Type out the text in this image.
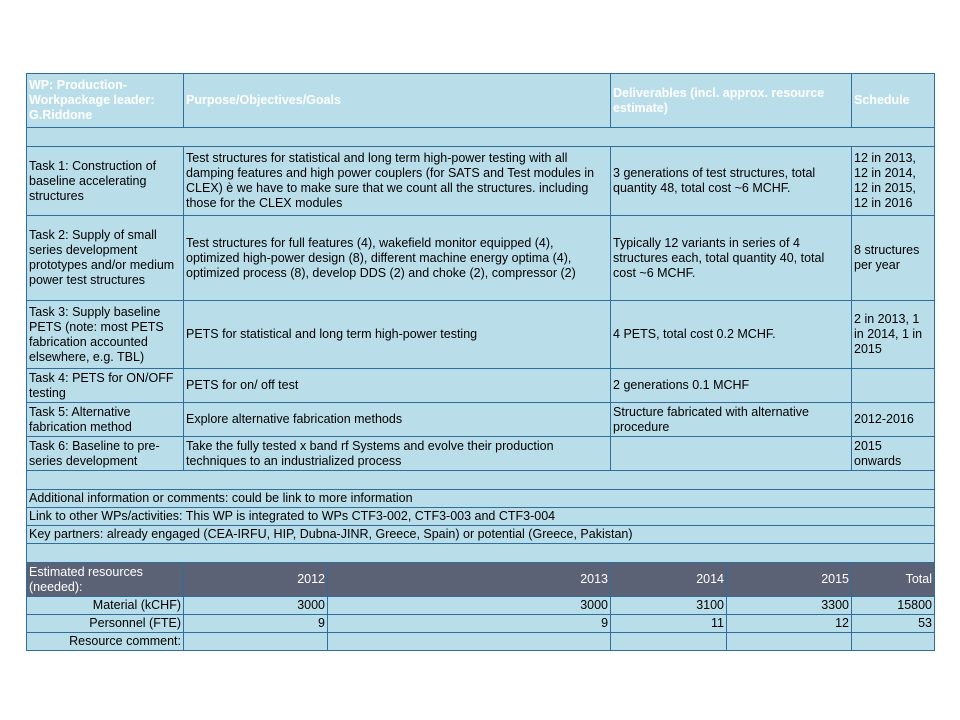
WP: Production- Workpackage leader: G.Riddone	Purpose/Objectives/Goals		Deliverables (incl. approx. resource estimate)		Schedule

Task 1: Construction of baseline accelerating structures	Test structures for statistical and long term high-power testing with all damping features and high power couplers (for SATS and Test modules in CLEX) è we have to make sure that we count all the structures. including those for the CLEX modules		3 generations of test structures, total quantity 48, total cost ~6 MCHF.		12 in 2013, 12 in 2014, 12 in 2015, 12 in 2016
Task 2: Supply of small series development prototypes and/or medium power test structures	Test structures for full features (4), wakefield monitor equipped (4), optimized high-power design (8), different machine energy optima (4), optimized process (8), develop DDS (2) and choke (2), compressor (2)		Typically 12 variants in series of 4 structures each, total quantity 40, total cost ~6 MCHF.		8 structures per year
Task 3: Supply baseline PETS (note: most PETS fabrication accounted elsewhere, e.g. TBL)	PETS for statistical and long term high-power testing		4 PETS, total cost 0.2 MCHF.		2 in 2013, 1 in 2014, 1 in 2015
Task 4: PETS for ON/OFF testing	PETS for on/ off test		2 generations 0.1 MCHF		
Task 5: Alternative fabrication method	Explore alternative fabrication methods		Structure fabricated with alternative procedure		2012-2016
Task 6: Baseline to pre-series development	Take the fully tested x band rf Systems and evolve their production techniques to an industrialized process				2015 onwards

Additional information or comments: could be link to more information					
Link to other WPs/activities: This WP is integrated to WPs CTF3-002, CTF3-003 and CTF3-004					
Key partners: already engaged (CEA-IRFU, HIP, Dubna-JINR, Greece, Spain) or potential (Greece, Pakistan)					

Estimated resources (needed):	2012	2013	2014	2015	Total
Material (kCHF)	3000	3000	3100	3300	15800
Personnel (FTE)	9	9	11	12	53
Resource comment:					
